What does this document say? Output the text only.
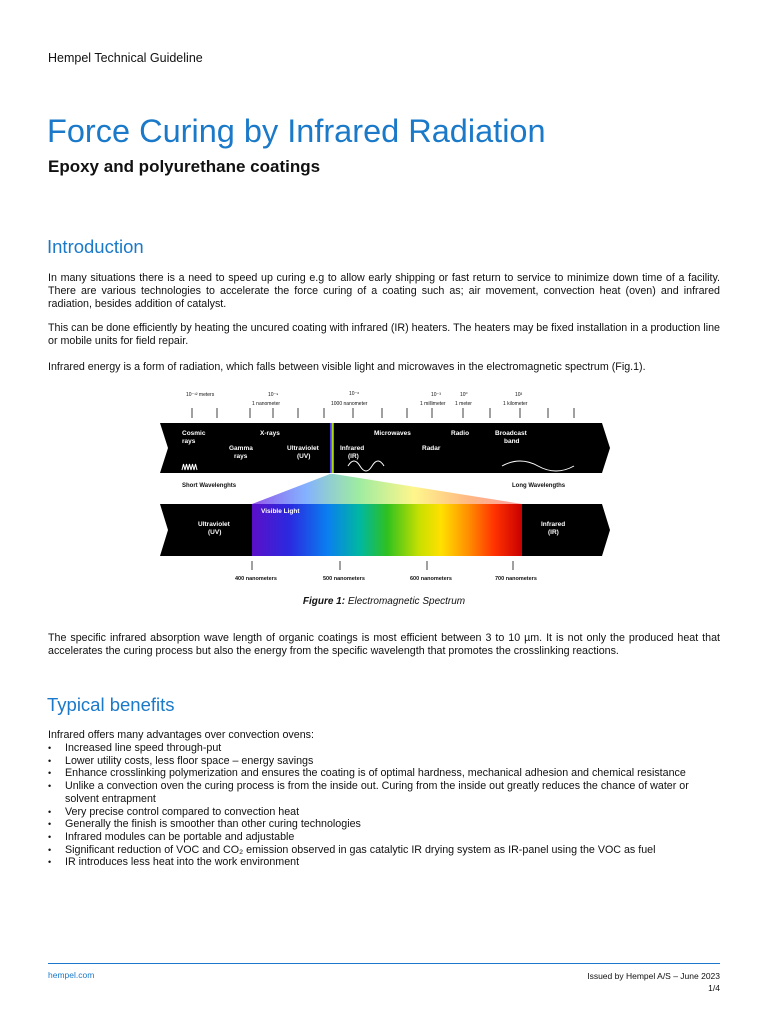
Hempel Technical Guideline
Force Curing by Infrared Radiation
Epoxy and polyurethane coatings
Introduction

In many situations there is a need to speed up curing e.g to allow early shipping or fast return to service to minimize down time of a facility. There are various technologies to accelerate the force curing of a coating such as; air movement, convection heat (oven) and infrared radiation, besides addition of catalyst.

This can be done efficiently by heating the uncured coating with infrared (IR) heaters. The heaters may be fixed installation in a production line or mobile units for field repair.

Infrared energy is a form of radiation, which falls between visible light and microwaves in the electromagnetic spectrum (Fig.1).

10⁻¹² meters	10⁻⁹
1 nanometer
10⁻⁶
1000 nanometer
10⁻³
1 millimeter
10⁰
1 meter
10³
1 kilometer
Cosmic
rays
X-rays
Gamma
rays
Ultraviolet
(UV)
Infrared
(IR)
Microwaves
Radar
Radio	Broadcast
band
Short Wavelenghts	Long Wavelengths
Ultraviolet
(UV)
Visible Light
Infrared
(IR)
400 nanometers	500 nanometers	600 nanometers	700 nanometers
Figure 1: Electromagnetic Spectrum

The specific infrared absorption wave length of organic coatings is most efficient between 3 to 10 µm. It is not only the produced heat that accelerates the curing process but also the energy from the specific wavelength that promotes the crosslinking reactions.

Typical benefits

Infrared offers many advantages over convection ovens:

• Increased line speed through-put
• Lower utility costs, less floor space – energy savings
• Enhance crosslinking polymerization and ensures the coating is of optimal hardness, mechanical adhesion and chemical resistance
• Unlike a convection oven the curing process is from the inside out. Curing from the inside out greatly reduces the chance of water or solvent entrapment
• Very precise control compared to convection heat
• Generally the finish is smoother than other curing technologies
• Infrared modules can be portable and adjustable
• Significant reduction of VOC and CO₂ emission observed in gas catalytic IR drying system as IR-panel using the VOC as fuel
• IR introduces less heat into the work environment
hempel.com	Issued by Hempel A/S – June 2023
1/4
